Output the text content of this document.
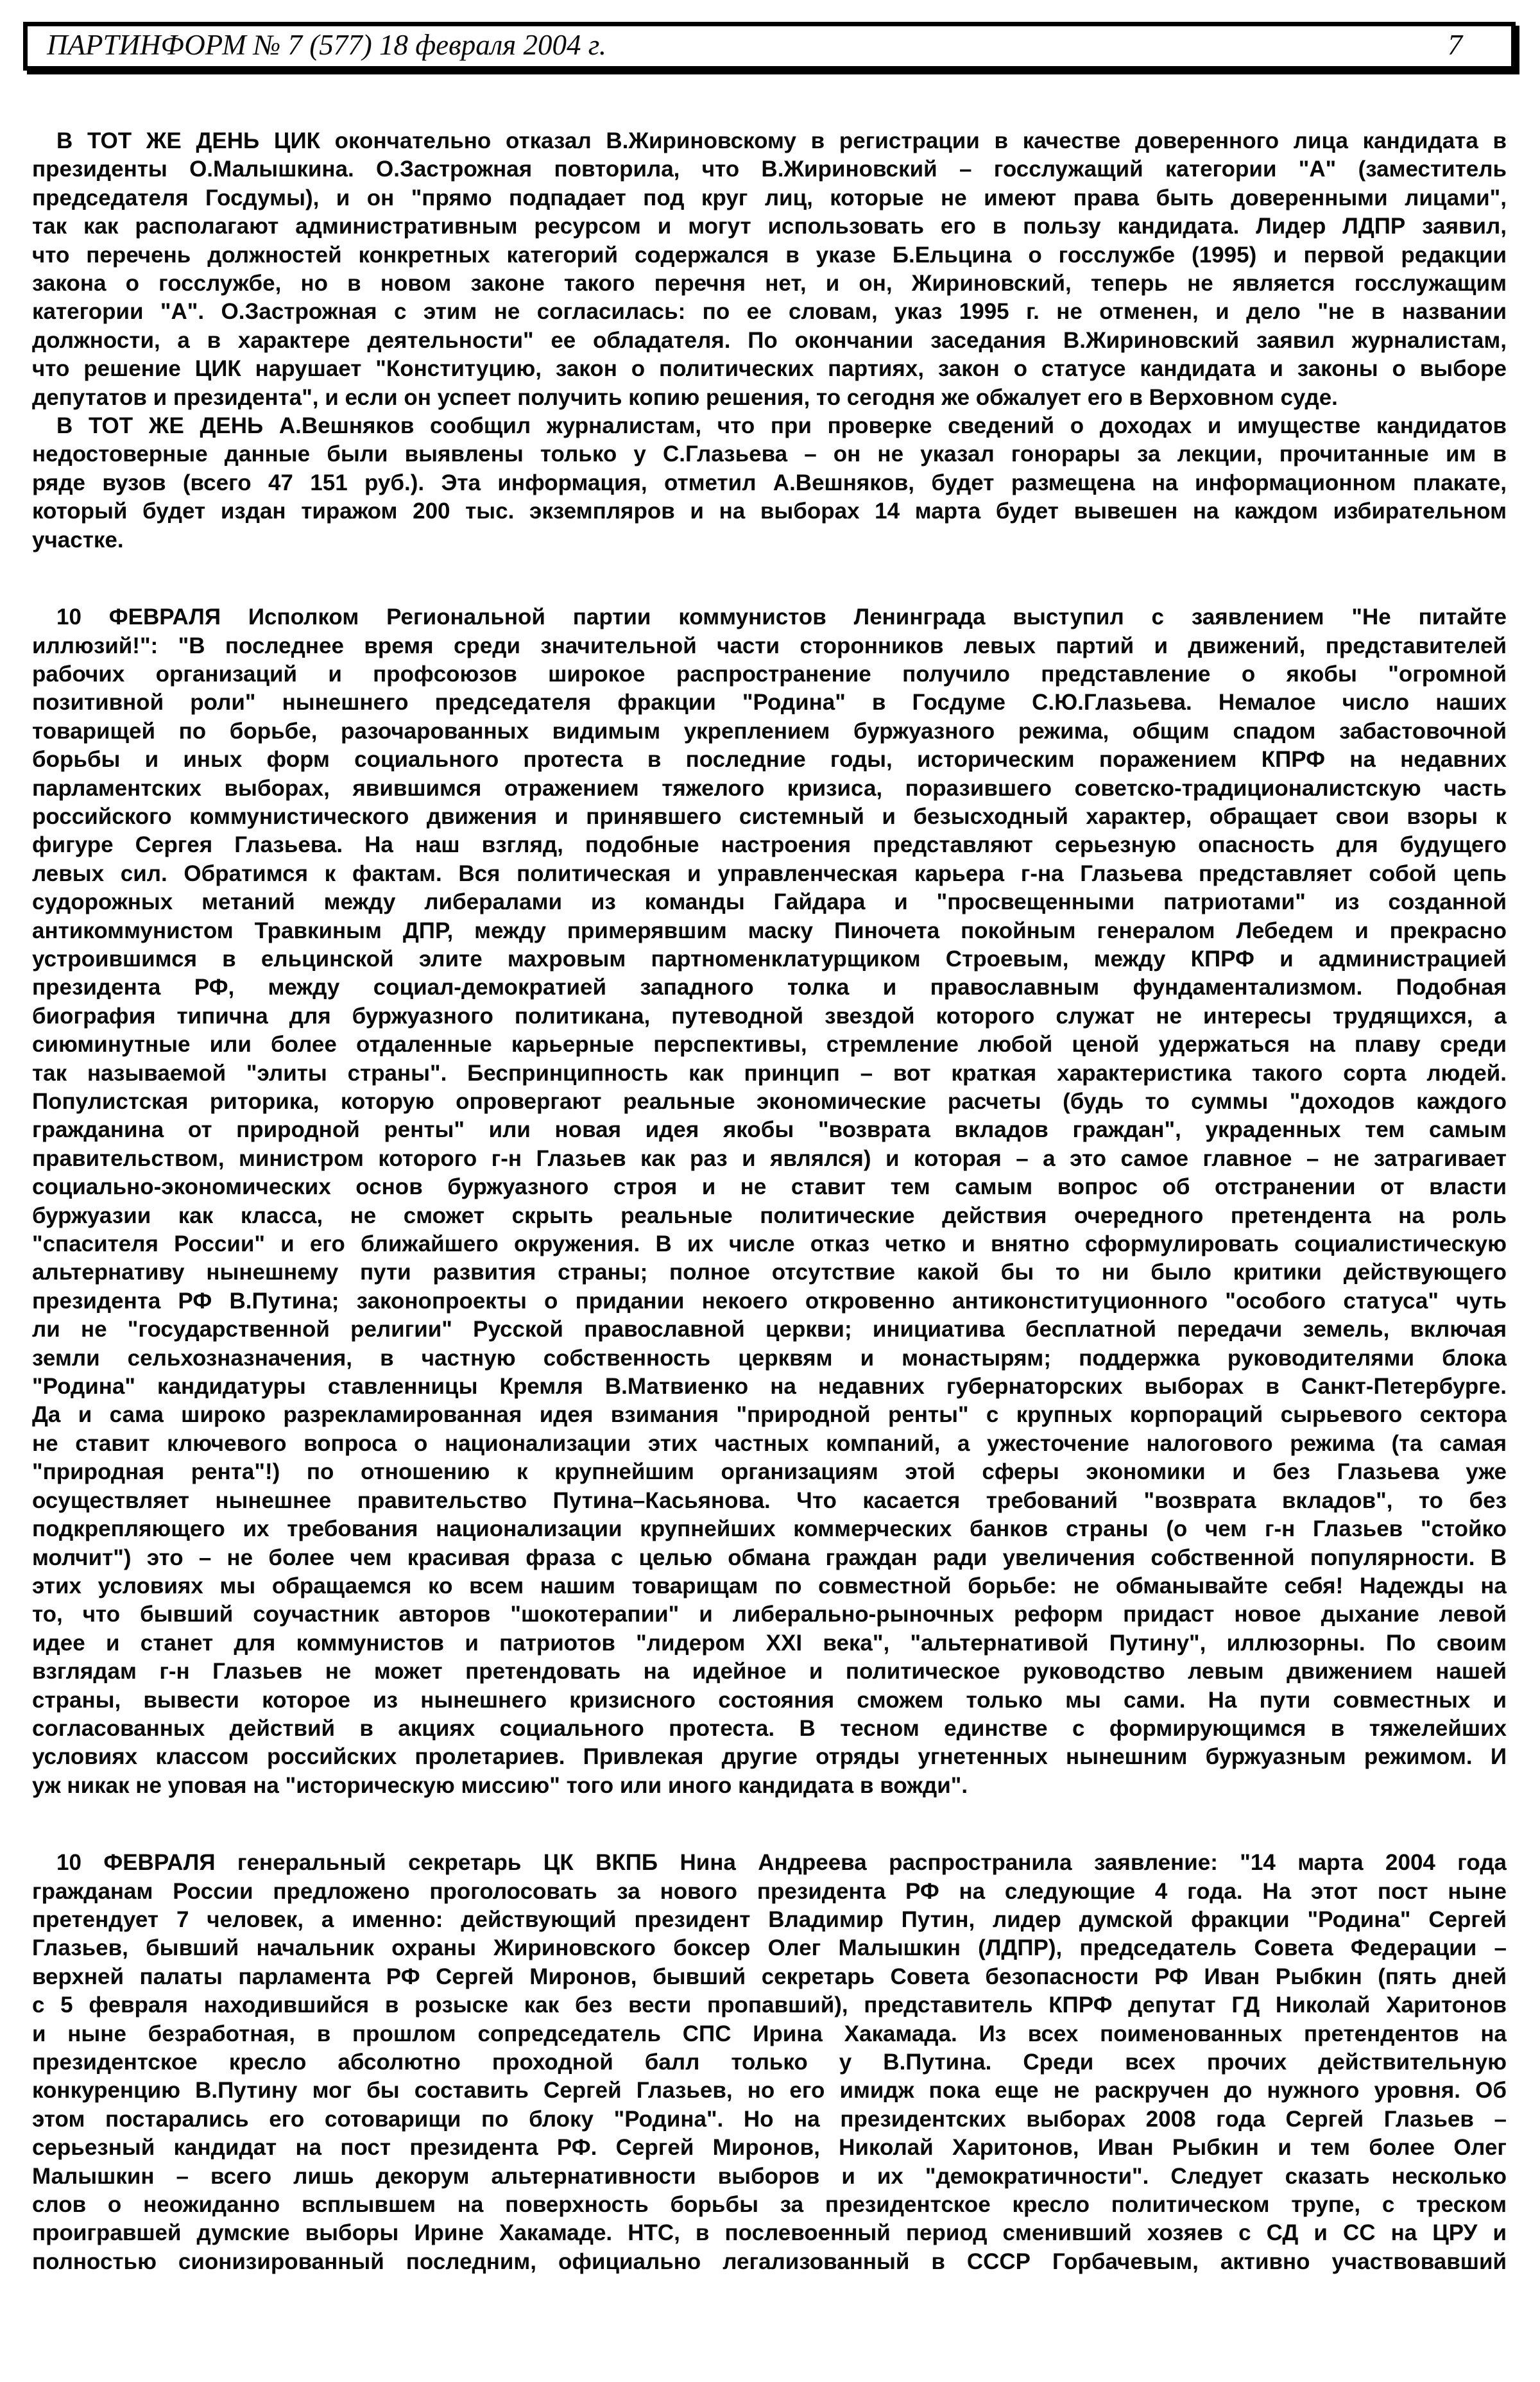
ПАРТИНФОРМ № 7 (577) 18 февраля 2004 г.	7
В ТОТ ЖЕ ДЕНЬ ЦИК окончательно отказал В.Жириновскому в регистрации в качестве доверенного лица кандидата в
президенты О.Малышкина. О.Застрожная повторила, что В.Жириновский – госслужащий категории "А" (заместитель
председателя Госдумы), и он "прямо подпадает под круг лиц, которые не имеют права быть доверенными лицами",
так как располагают административным ресурсом и могут использовать его в пользу кандидата. Лидер ЛДПР заявил,
что перечень должностей конкретных категорий содержался в указе Б.Ельцина о госслужбе (1995) и первой редакции
закона о госслужбе, но в новом законе такого перечня нет, и он, Жириновский, теперь не является госслужащим
категории "А". О.Застрожная с этим не согласилась: по ее словам, указ 1995 г. не отменен, и дело "не в названии
должности, а в характере деятельности" ее обладателя. По окончании заседания В.Жириновский заявил журналистам,
что решение ЦИК нарушает "Конституцию, закон о политических партиях, закон о статусе кандидата и законы о выборе
депутатов и президента", и если он успеет получить копию решения, то сегодня же обжалует его в Верховном суде.
В ТОТ ЖЕ ДЕНЬ А.Вешняков сообщил журналистам, что при проверке сведений о доходах и имуществе кандидатов
недостоверные данные были выявлены только у С.Глазьева – он не указал гонорары за лекции, прочитанные им в
ряде вузов (всего 47 151 руб.). Эта информация, отметил А.Вешняков, будет размещена на информационном плакате,
который будет издан тиражом 200 тыс. экземпляров и на выборах 14 марта будет вывешен на каждом избирательном
участке.
10 ФЕВРАЛЯ Исполком Региональной партии коммунистов Ленинграда выступил с заявлением "Не питайте
иллюзий!": "В последнее время среди значительной части сторонников левых партий и движений, представителей
рабочих организаций и профсоюзов широкое распространение получило представление о якобы "огромной
позитивной роли" нынешнего председателя фракции "Родина" в Госдуме С.Ю.Глазьева. Немалое число наших
товарищей по борьбе, разочарованных видимым укреплением буржуазного режима, общим спадом забастовочной
борьбы и иных форм социального протеста в последние годы, историческим поражением КПРФ на недавних
парламентских выборах, явившимся отражением тяжелого кризиса, поразившего советско-традиционалистскую часть
российского коммунистического движения и принявшего системный и безысходный характер, обращает свои взоры к
фигуре Сергея Глазьева. На наш взгляд, подобные настроения представляют серьезную опасность для будущего
левых сил. Обратимся к фактам. Вся политическая и управленческая карьера г-на Глазьева представляет собой цепь
судорожных метаний между либералами из команды Гайдара и "просвещенными патриотами" из созданной
антикоммунистом Травкиным ДПР, между примерявшим маску Пиночета покойным генералом Лебедем и прекрасно
устроившимся в ельцинской элите махровым партноменклатурщиком Строевым, между КПРФ и администрацией
президента РФ, между социал-демократией западного толка и православным фундаментализмом. Подобная
биография типична для буржуазного политикана, путеводной звездой которого служат не интересы трудящихся, а
сиюминутные или более отдаленные карьерные перспективы, стремление любой ценой удержаться на плаву среди
так называемой "элиты страны". Беспринципность как принцип – вот краткая характеристика такого сорта людей.
Популистская риторика, которую опровергают реальные экономические расчеты (будь то суммы "доходов каждого
гражданина от природной ренты" или новая идея якобы "возврата вкладов граждан", украденных тем самым
правительством, министром которого г-н Глазьев как раз и являлся) и которая – а это самое главное – не затрагивает
социально-экономических основ буржуазного строя и не ставит тем самым вопрос об отстранении от власти
буржуазии как класса, не сможет скрыть реальные политические действия очередного претендента на роль
"спасителя России" и его ближайшего окружения. В их числе отказ четко и внятно сформулировать социалистическую
альтернативу нынешнему пути развития страны; полное отсутствие какой бы то ни было критики действующего
президента РФ В.Путина; законопроекты о придании некоего откровенно антиконституционного "особого статуса" чуть
ли не "государственной религии" Русской православной церкви; инициатива бесплатной передачи земель, включая
земли сельхозназначения, в частную собственность церквям и монастырям; поддержка руководителями блока
"Родина" кандидатуры ставленницы Кремля В.Матвиенко на недавних губернаторских выборах в Санкт-Петербурге.
Да и сама широко разрекламированная идея взимания "природной ренты" с крупных корпораций сырьевого сектора
не ставит ключевого вопроса о национализации этих частных компаний, а ужесточение налогового режима (та самая
"природная рента"!) по отношению к крупнейшим организациям этой сферы экономики и без Глазьева уже
осуществляет нынешнее правительство Путина–Касьянова. Что касается требований "возврата вкладов", то без
подкрепляющего их требования национализации крупнейших коммерческих банков страны (о чем г-н Глазьев "стойко
молчит") это – не более чем красивая фраза с целью обмана граждан ради увеличения собственной популярности. В
этих условиях мы обращаемся ко всем нашим товарищам по совместной борьбе: не обманывайте себя! Надежды на
то, что бывший соучастник авторов "шокотерапии" и либерально-рыночных реформ придаст новое дыхание левой
идее и станет для коммунистов и патриотов "лидером XXI века", "альтернативой Путину", иллюзорны. По своим
взглядам г-н Глазьев не может претендовать на идейное и политическое руководство левым движением нашей
страны, вывести которое из нынешнего кризисного состояния сможем только мы сами. На пути совместных и
согласованных действий в акциях социального протеста. В тесном единстве с формирующимся в тяжелейших
условиях классом российских пролетариев. Привлекая другие отряды угнетенных нынешним буржуазным режимом. И
уж никак не уповая на "историческую миссию" того или иного кандидата в вожди".
10 ФЕВРАЛЯ генеральный секретарь ЦК ВКПБ Нина Андреева распространила заявление: "14 марта 2004 года
гражданам России предложено проголосовать за нового президента РФ на следующие 4 года. На этот пост ныне
претендует 7 человек, а именно: действующий президент Владимир Путин, лидер думской фракции "Родина" Сергей
Глазьев, бывший начальник охраны Жириновского боксер Олег Малышкин (ЛДПР), председатель Совета Федерации –
верхней палаты парламента РФ Сергей Миронов, бывший секретарь Совета безопасности РФ Иван Рыбкин (пять дней
с 5 февраля находившийся в розыске как без вести пропавший), представитель КПРФ депутат ГД Николай Харитонов
и ныне безработная, в прошлом сопредседатель СПС Ирина Хакамада. Из всех поименованных претендентов на
президентское кресло абсолютно проходной балл только у В.Путина. Среди всех прочих действительную
конкуренцию В.Путину мог бы составить Сергей Глазьев, но его имидж пока еще не раскручен до нужного уровня. Об
этом постарались его сотоварищи по блоку "Родина". Но на президентских выборах 2008 года Сергей Глазьев –
серьезный кандидат на пост президента РФ. Сергей Миронов, Николай Харитонов, Иван Рыбкин и тем более Олег
Малышкин – всего лишь декорум альтернативности выборов и их "демократичности". Следует сказать несколько
слов о неожиданно всплывшем на поверхность борьбы за президентское кресло политическом трупе, с треском
проигравшей думские выборы Ирине Хакамаде. НТС, в послевоенный период сменивший хозяев с СД и СС на ЦРУ и
полностью сионизированный последним, официально легализованный в СССР Горбачевым, активно участвовавший
